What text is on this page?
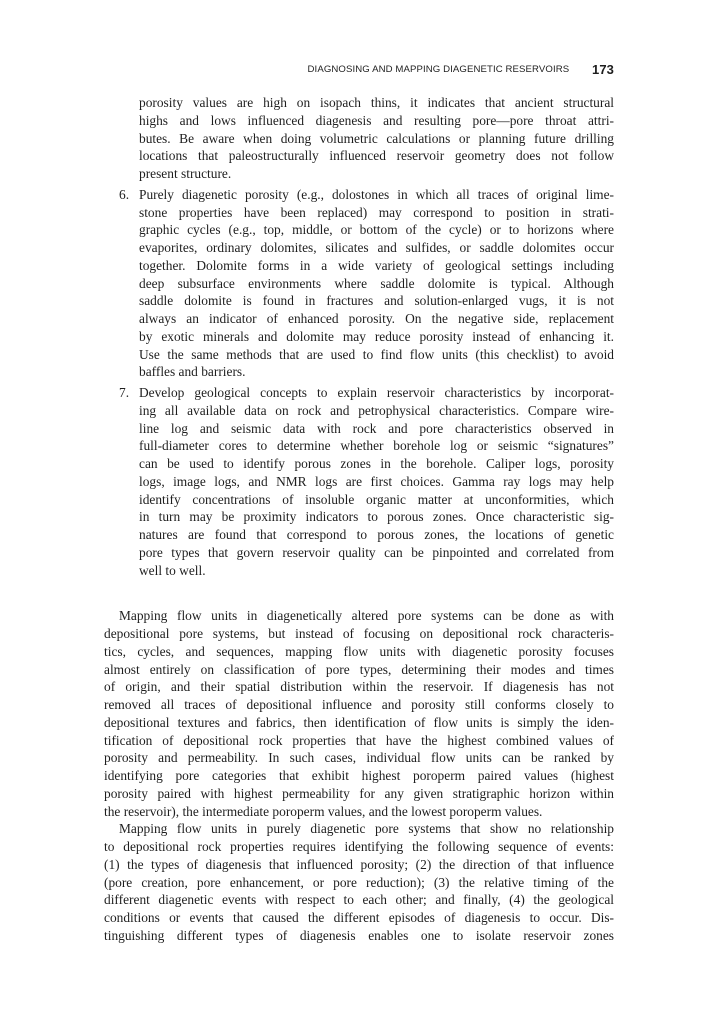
DIAGNOSING AND MAPPING DIAGENETIC RESERVOIRS 173
porosity values are high on isopach thins, it indicates that ancient structural
highs and lows influenced diagenesis and resulting pore—pore throat attri-
butes. Be aware when doing volumetric calculations or planning future drilling
locations that paleostructurally influenced reservoir geometry does not follow
present structure.
6. Purely diagenetic porosity (e.g., dolostones in which all traces of original lime-
stone properties have been replaced) may correspond to position in strati-
graphic cycles (e.g., top, middle, or bottom of the cycle) or to horizons where
evaporites, ordinary dolomites, silicates and sulfides, or saddle dolomites occur
together. Dolomite forms in a wide variety of geological settings including
deep subsurface environments where saddle dolomite is typical. Although
saddle dolomite is found in fractures and solution-enlarged vugs, it is not
always an indicator of enhanced porosity. On the negative side, replacement
by exotic minerals and dolomite may reduce porosity instead of enhancing it.
Use the same methods that are used to find flow units (this checklist) to avoid
baffles and barriers.
7. Develop geological concepts to explain reservoir characteristics by incorporat-
ing all available data on rock and petrophysical characteristics. Compare wire-
line log and seismic data with rock and pore characteristics observed in
full-diameter cores to determine whether borehole log or seismic “signatures”
can be used to identify porous zones in the borehole. Caliper logs, porosity
logs, image logs, and NMR logs are first choices. Gamma ray logs may help
identify concentrations of insoluble organic matter at unconformities, which
in turn may be proximity indicators to porous zones. Once characteristic sig-
natures are found that correspond to porous zones, the locations of genetic
pore types that govern reservoir quality can be pinpointed and correlated from
well to well.
Mapping flow units in diagenetically altered pore systems can be done as with
depositional pore systems, but instead of focusing on depositional rock characteris-
tics, cycles, and sequences, mapping flow units with diagenetic porosity focuses
almost entirely on classification of pore types, determining their modes and times
of origin, and their spatial distribution within the reservoir. If diagenesis has not
removed all traces of depositional influence and porosity still conforms closely to
depositional textures and fabrics, then identification of flow units is simply the iden-
tification of depositional rock properties that have the highest combined values of
porosity and permeability. In such cases, individual flow units can be ranked by
identifying pore categories that exhibit highest poroperm paired values (highest
porosity paired with highest permeability for any given stratigraphic horizon within
the reservoir), the intermediate poroperm values, and the lowest poroperm values.
Mapping flow units in purely diagenetic pore systems that show no relationship
to depositional rock properties requires identifying the following sequence of events:
(1) the types of diagenesis that influenced porosity; (2) the direction of that influence
(pore creation, pore enhancement, or pore reduction); (3) the relative timing of the
different diagenetic events with respect to each other; and finally, (4) the geological
conditions or events that caused the different episodes of diagenesis to occur. Dis-
tinguishing different types of diagenesis enables one to isolate reservoir zones
